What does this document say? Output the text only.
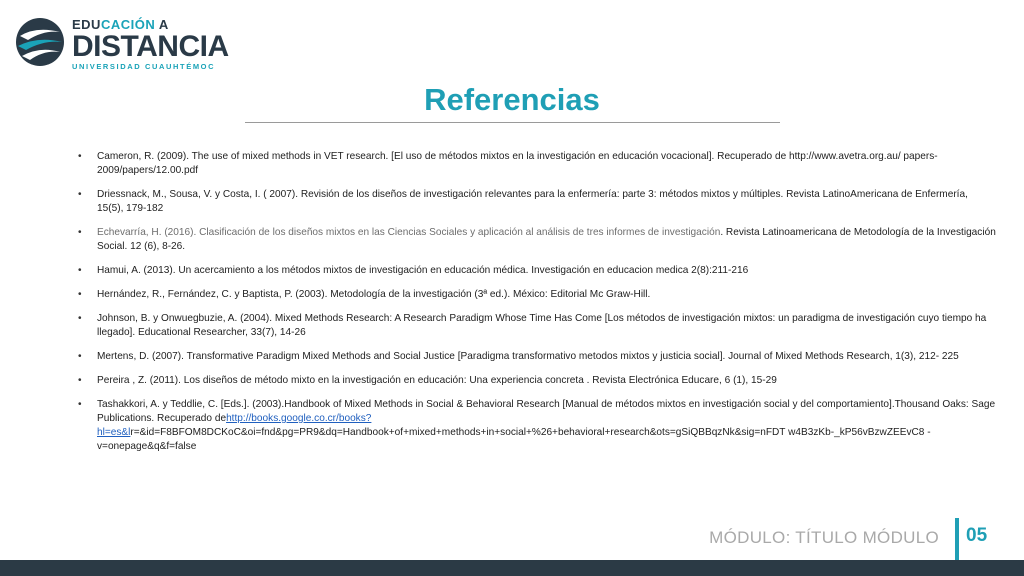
EDUCACIÓN A
DISTANCIA
UNIVERSIDAD CUAUHTÉMOC
Referencias
• Cameron, R. (2009). The use of mixed methods in VET research. [El uso de métodos mixtos en la investigación en educación vocacional]. Recuperado de http://www.avetra.org.au/ papers-2009/papers/12.00.pdf
• Driessnack, M., Sousa, V. y Costa, I. ( 2007). Revisión de los diseños de investigación relevantes para la enfermería: parte 3: métodos mixtos y múltiples. Revista LatinoAmericana de Enfermería, 15(5), 179-182
• Echevarría, H. (2016). Clasificación de los diseños mixtos en las Ciencias Sociales y aplicación al análisis de tres informes de investigación. Revista Latinoamericana de Metodología de la Investigación Social. 12 (6), 8-26.
• Hamui, A. (2013). Un acercamiento a los métodos mixtos de investigación en educación médica. Investigación en educacion medica 2(8):211-216
• Hernández, R., Fernández, C. y Baptista, P. (2003). Metodología de la investigación (3ª ed.). México: Editorial Mc Graw-Hill.
• Johnson, B. y Onwuegbuzie, A. (2004). Mixed Methods Research: A Research Paradigm Whose Time Has Come [Los métodos de investigación mixtos: un paradigma de investigación cuyo tiempo ha llegado]. Educational Researcher, 33(7), 14-26
• Mertens, D. (2007). Transformative Paradigm Mixed Methods and Social Justice [Paradigma transformativo metodos mixtos y justicia social]. Journal of Mixed Methods Research, 1(3), 212- 225
• Pereira , Z. (2011). Los diseños de método mixto en la investigación en educación: Una experiencia concreta . Revista Electrónica Educare, 6 (1), 15-29
• Tashakkori, A. y Teddlie, C. [Eds.]. (2003).Handbook of Mixed Methods in Social & Behavioral Research [Manual de métodos mixtos en investigación social y del comportamiento].Thousand Oaks: Sage Publications. Recuperado dehttp://books.google.co.cr/books?hl=es&lr=&id=F8BFOM8DCKoC&oi=fnd&pg=PR9&dq=Handbook+of+mixed+methods+in+social+%26+behavioral+research&ots=gSiQBBqzNk&sig=nFDT w4B3zKb-_kP56vBzwZEEvC8 -v=onepage&q&f=false
MÓDULO: TÍTULO MÓDULO 05
